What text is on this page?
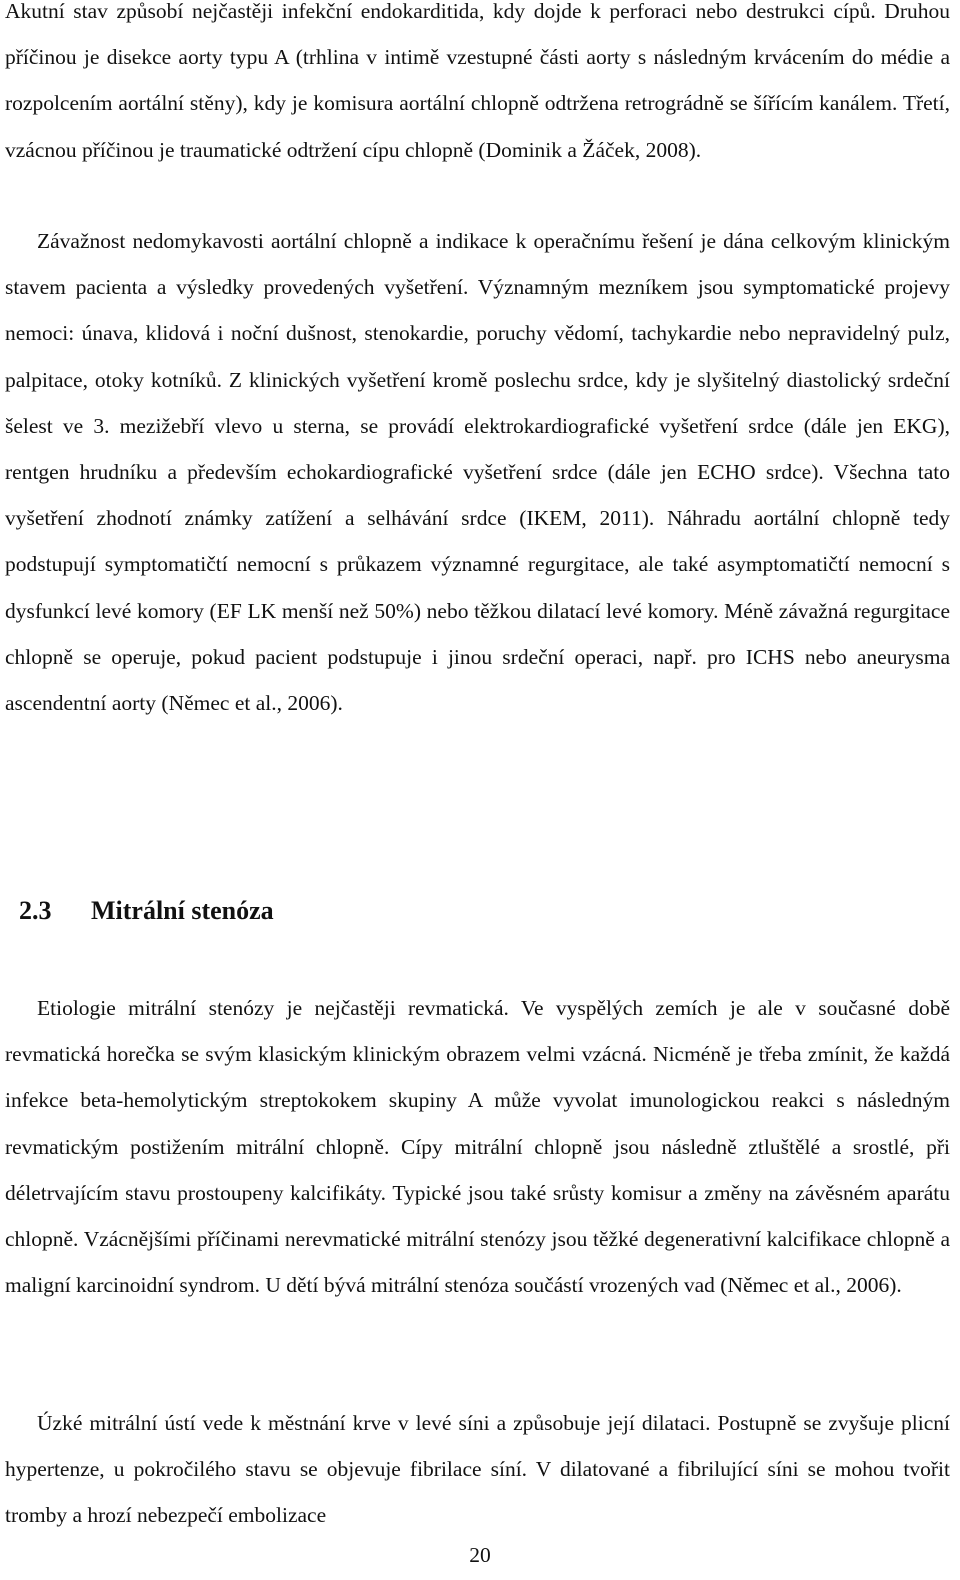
Akutní stav způsobí nejčastěji infekční endokarditida, kdy dojde k perforaci nebo destrukci cípů. Druhou příčinou je disekce aorty typu A (trhlina v intimě vzestupné části aorty s následným krvácením do médie a rozpolcením aortální stěny), kdy je komisura aortální chlopně odtržena retrográdně se šířícím kanálem. Třetí, vzácnou příčinou je traumatické odtržení cípu chlopně (Dominik a Žáček, 2008).

Závažnost nedomykavosti aortální chlopně a indikace k operačnímu řešení je dána celkovým klinickým stavem pacienta a výsledky provedených vyšetření. Významným mezníkem jsou symptomatické projevy nemoci: únava, klidová i noční dušnost, stenokardie, poruchy vědomí, tachykardie nebo nepravidelný pulz, palpitace, otoky kotníků. Z klinických vyšetření kromě poslechu srdce, kdy je slyšitelný diastolický srdeční šelest ve 3. mezižebří vlevo u sterna, se provádí elektrokardiografické vyšetření srdce (dále jen EKG), rentgen hrudníku a především echokardiografické vyšetření srdce (dále jen ECHO srdce). Všechna tato vyšetření zhodnotí známky zatížení a selhávání srdce (IKEM, 2011). Náhradu aortální chlopně tedy podstupují symptomatičtí nemocní s průkazem významné regurgitace, ale také asymptomatičtí nemocní s dysfunkcí levé komory (EF LK menší než 50%) nebo těžkou dilatací levé komory. Méně závažná regurgitace chlopně se operuje, pokud pacient podstupuje i jinou srdeční operaci, např. pro ICHS nebo aneurysma ascendentní aorty (Němec et al., 2006).

2.3 Mitrální stenóza

Etiologie mitrální stenózy je nejčastěji revmatická. Ve vyspělých zemích je ale v současné době revmatická horečka se svým klasickým klinickým obrazem velmi vzácná. Nicméně je třeba zmínit, že každá infekce beta-hemolytickým streptokokem skupiny A může vyvolat imunologickou reakci s následným revmatickým postižením mitrální chlopně. Cípy mitrální chlopně jsou následně ztluštělé a srostlé, při déletrvajícím stavu prostoupeny kalcifikáty. Typické jsou také srůsty komisur a změny na závěsném aparátu chlopně. Vzácnějšími příčinami nerevmatické mitrální stenózy jsou těžké degenerativní kalcifikace chlopně a maligní karcinoidní syndrom. U dětí bývá mitrální stenóza součástí vrozených vad (Němec et al., 2006).

Úzké mitrální ústí vede k městnání krve v levé síni a způsobuje její dilataci. Postupně se zvyšuje plicní hypertenze, u pokročilého stavu se objevuje fibrilace síní. V dilatované a fibrilující síni se mohou tvořit tromby a hrozí nebezpečí embolizace

20
